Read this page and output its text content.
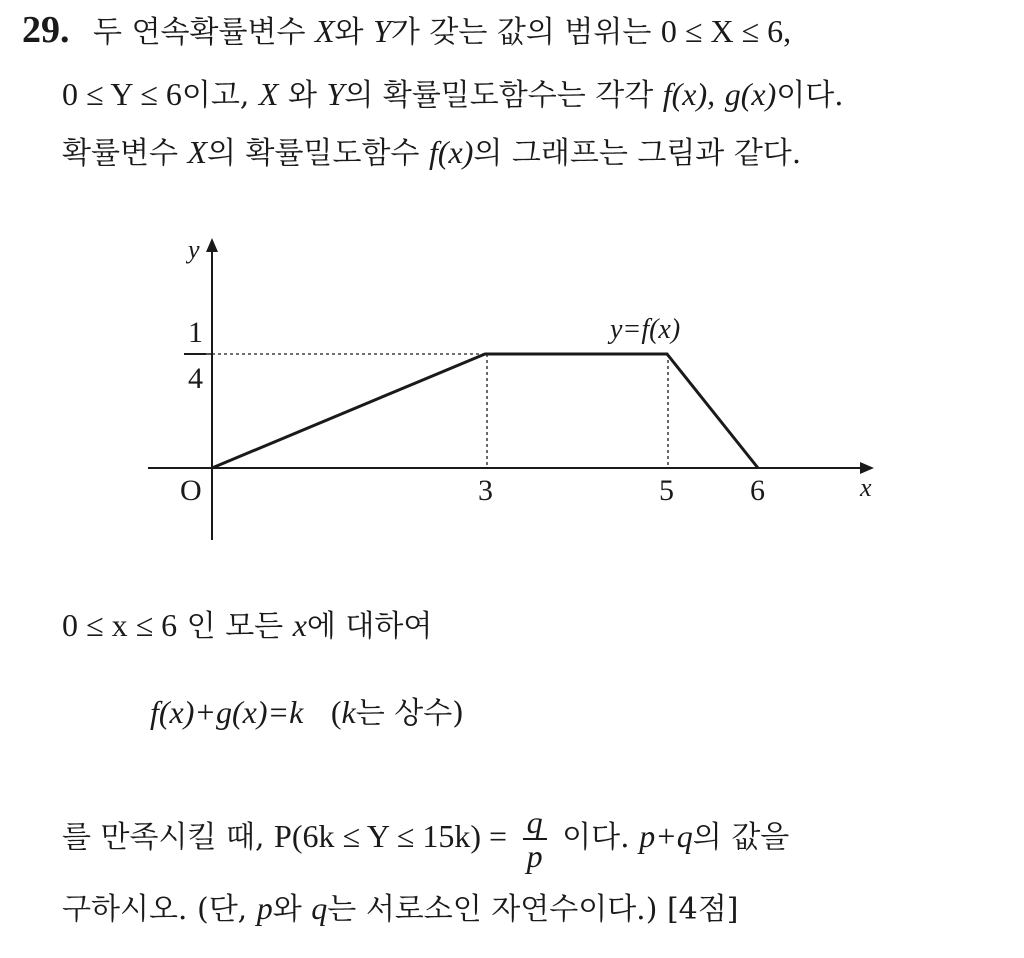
29. 두 연속확률변수 X와 Y가 갖는 값의 범위는 0 ≤ X ≤ 6,
0 ≤ Y ≤ 6이고, X 와 Y의 확률밀도함수는 각각 f(x), g(x)이다.
확률변수 X의 확률밀도함수 f(x)의 그래프는 그림과 같다.
y
x
O
1
4
3	5	6
y=f(x)
0 ≤ x ≤ 6 인 모든 x에 대하여
f(x)+g(x)=k (k는 상수)
를 만족시킬 때, $P(6k \le Y \le 15k) = \frac{q}{p}$ 이다. p+q의 값을
구하시오. (단, p와 q는 서로소인 자연수이다.) [4점]
